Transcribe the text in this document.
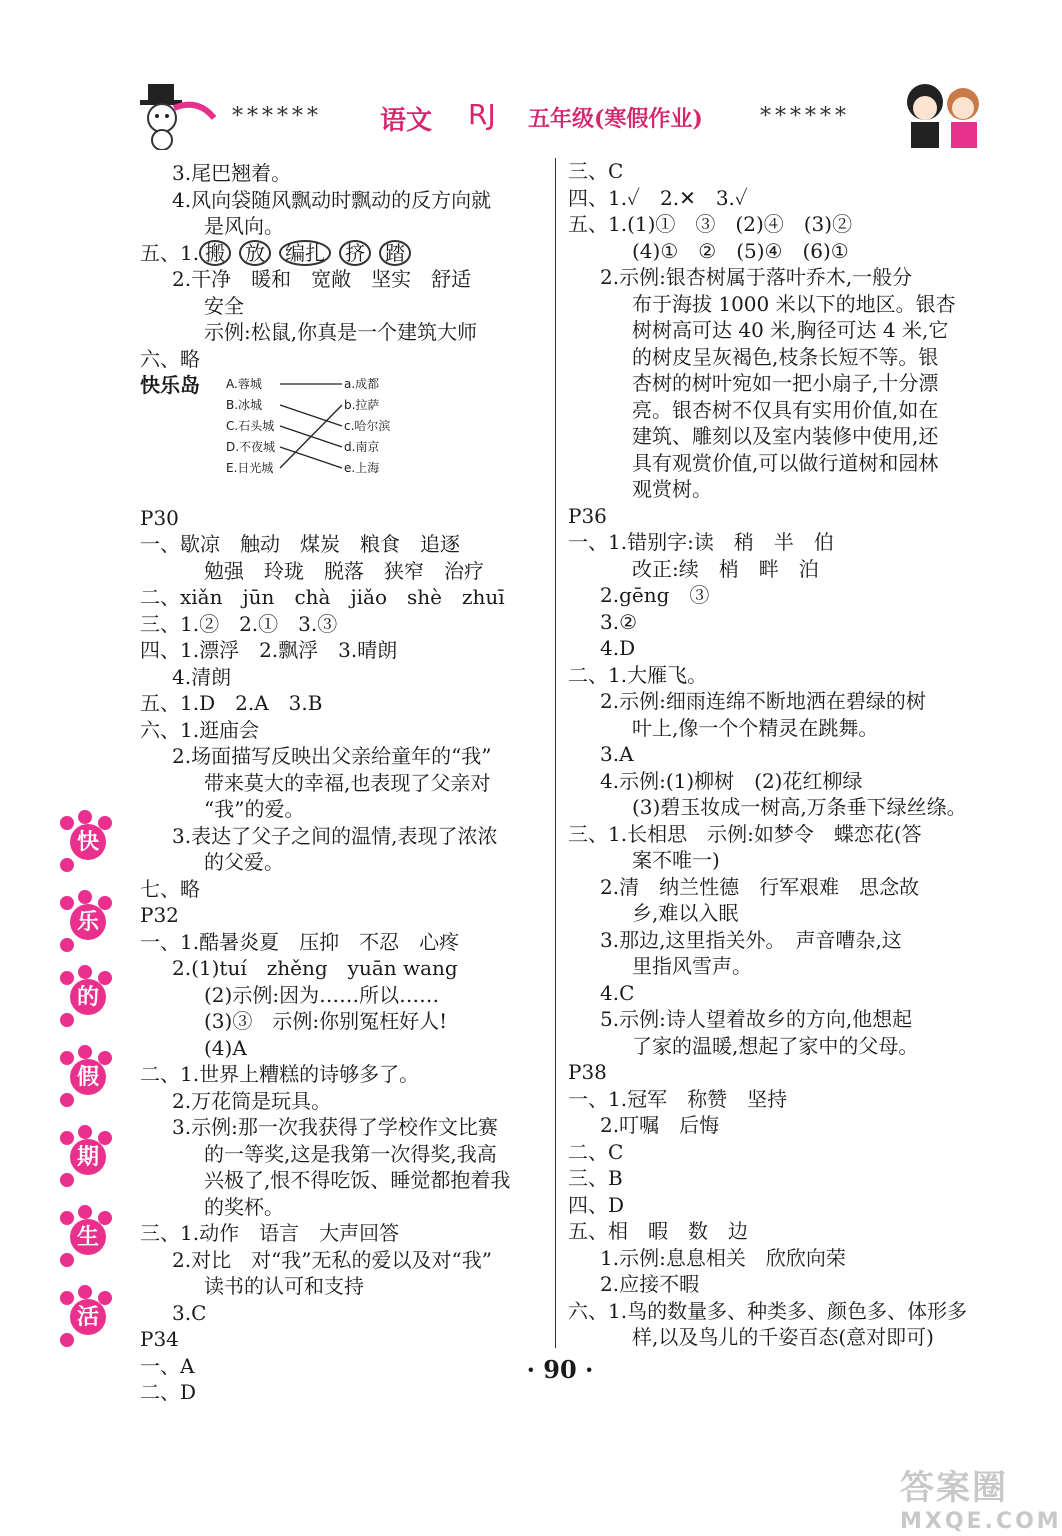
****** 语文 RJ 五年级(寒假作业)	******
3.尾巴翘着。
4.风向袋随风飘动时飘动的反方向就
是风向。
五、1. 搬 放 编扎 挤 踏
2.干净　暖和　宽敞　坚实　舒适
安全
示例:松鼠,你真是一个建筑大师
六、略
快乐岛
P30
一、歇凉　触动　煤炭　粮食　追逐
勉强　玲珑　脱落　狭窄　治疗
二、xiǎn　jūn　chà　jiǎo　shè　zhuī
三、1.②　2.①　3.③
四、1.漂浮　2.飘浮　3.晴朗
4.清朗
五、1.D　2.A　3.B
六、1.逛庙会
2.场面描写反映出父亲给童年的“我”
带来莫大的幸福,也表现了父亲对
“我”的爱。
3.表达了父子之间的温情,表现了浓浓
的父爱。
七、略
P32
一、1.酷暑炎夏　压抑　不忍　心疼
2.(1)tuí　zhěng　yuān wang
(2)示例:因为……所以……
(3)③　示例:你别冤枉好人!
(4)A
二、1.世界上糟糕的诗够多了。
2.万花筒是玩具。
3.示例:那一次我获得了学校作文比赛
的一等奖,这是我第一次得奖,我高
兴极了,恨不得吃饭、睡觉都抱着我
的奖杯。
三、1.动作　语言　大声回答
2.对比　对“我”无私的爱以及对“我”
读书的认可和支持
3.C
P34
一、A
二、D
A.蓉城
B.冰城
C.石头城
D.不夜城
E.日光城
a.成都
b.拉萨
c.哈尔滨
d.南京
e.上海
三、C
四、1.✓　2.✕　3.✓
五、1.(1)①　③　(2)④　(3)②
(4)①　②　(5)④　(6)①
2.示例:银杏树属于落叶乔木,一般分
布于海拔 1000 米以下的地区。银杏
树树高可达 40 米,胸径可达 4 米,它
的树皮呈灰褐色,枝条长短不等。银
杏树的树叶宛如一把小扇子,十分漂
亮。银杏树不仅具有实用价值,如在
建筑、雕刻以及室内装修中使用,还
具有观赏价值,可以做行道树和园林
观赏树。
P36
一、1.错别字:读　稍　半　伯
改正:续　梢　畔　泊
2.gēng　③
3.②
4.D
二、1.大雁飞。
2.示例:细雨连绵不断地洒在碧绿的树
叶上,像一个个精灵在跳舞。
3.A
4.示例:(1)柳树　(2)花红柳绿
(3)碧玉妆成一树高,万条垂下绿丝绦。
三、1.长相思　示例:如梦令　蝶恋花(答
案不唯一)
2.清　纳兰性德　行军艰难　思念故
乡,难以入眠
3.那边,这里指关外。　声音嘈杂,这
里指风雪声。
4.C
5.示例:诗人望着故乡的方向,他想起
了家的温暖,想起了家中的父母。
P38
一、1.冠军　称赞　坚持
2.叮嘱　后悔
二、C
三、B
四、D
五、相　暇　数　边
1.示例:息息相关　欣欣向荣
2.应接不暇
六、1.鸟的数量多、种类多、颜色多、体形多
样,以及鸟儿的千姿百态(意对即可)
快
乐
的
假
期
生
活
· 90 ·
答案圈
MXQE.COM
